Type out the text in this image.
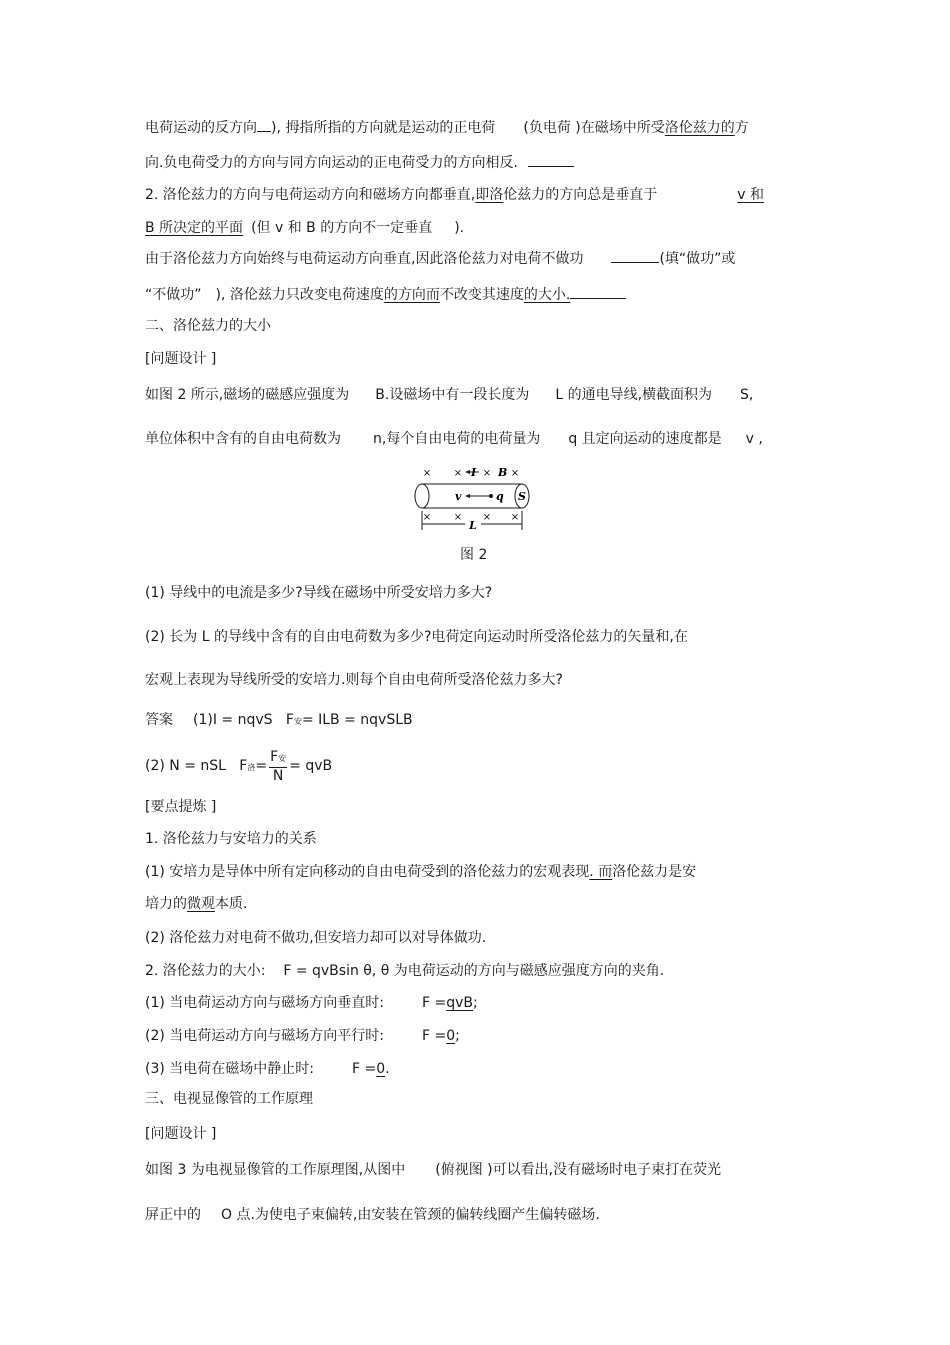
电荷运动的反方向 ), 拇指所指的方向就是运动的正电荷 (负电荷 )在磁场中所受洛伦兹力的方
向.负电荷受力的方向与同方向运动的正电荷受力的方向相反.
2. 洛伦兹力的方向与电荷运动方向和磁场方向都垂直,即洛伦兹力的方向总是垂直于	v 和
B 所决定的平面 (但 v 和 B 的方向不一定垂直 ).
由于洛伦兹力方向始终与电荷运动方向垂直,因此洛伦兹力对电荷不做功	(填“做功”或
“不做功” ), 洛伦兹力只改变电荷速度的方向而不改变其速度的大小.
二、洛伦兹力的大小
[问题设计 ]
如图 2 所示,磁场的磁感应强度为 B.设磁场中有一段长度为 L 的通电导线,横截面积为 S,
单位体积中含有的自由电荷数为 n,每个自由电荷的电荷量为 q 且定向运动的速度都是 v ,
× × × ×
I B
S
v	q
× × × ×
L
图 2
(1) 导线中的电流是多少?导线在磁场中所受安培力多大?
(2) 长为 L 的导线中含有的自由电荷数为多少?电荷定向运动时所受洛伦兹力的矢量和,在
宏观上表现为导线所受的安培力.则每个自由电荷所受洛伦兹力多大?
答案 (1)I = nqvS   F安= ILB = nqvSLB
(2) N = nSL   F洛= $\frac{\text{F安}}{N}$ = qvB
[要点提炼 ]
1. 洛伦兹力与安培力的关系
(1) 安培力是导体中所有定向移动的自由电荷受到的洛伦兹力的宏观表现. 而洛伦兹力是安
培力的微观本质.
(2) 洛伦兹力对电荷不做功,但安培力却可以对导体做功.
2. 洛伦兹力的大小:    F = qvBsin θ, θ 为电荷运动的方向与磁感应强度方向的夹角.
(1) 当电荷运动方向与磁场方向垂直时:	F =qvB;
(2) 当电荷运动方向与磁场方向平行时:	F =0;
(3) 当电荷在磁场中静止时:	F =0.
三、电视显像管的工作原理
[问题设计 ]
如图 3 为电视显像管的工作原理图,从图中 (俯视图 )可以看出,没有磁场时电子束打在荧光
屏正中的 O 点.为使电子束偏转,由安装在管颈的偏转线圈产生偏转磁场.
